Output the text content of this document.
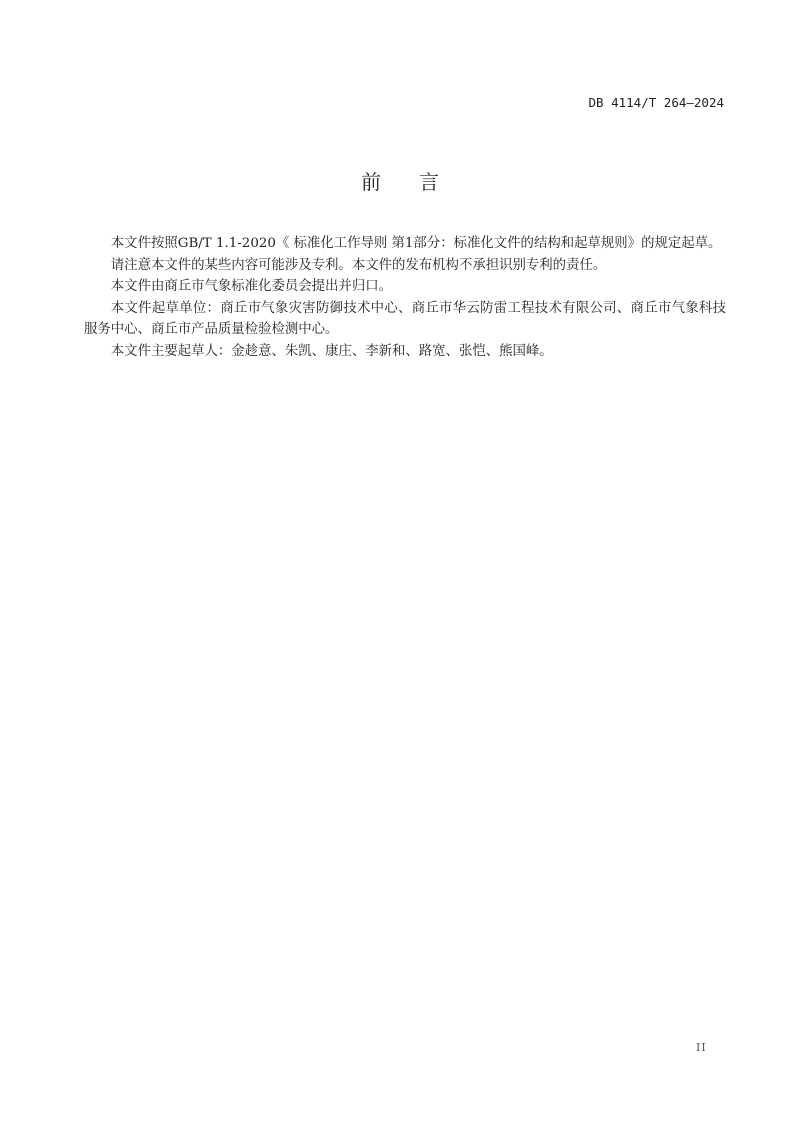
DB 4114/T 264—2024
前 言

本文件按照GB/T 1.1-2020《 标准化工作导则 第1部分：标准化文件的结构和起草规则》的规定起草。

请注意本文件的某些内容可能涉及专利。本文件的发布机构不承担识别专利的责任。

本文件由商丘市气象标准化委员会提出并归口。

本文件起草单位：商丘市气象灾害防御技术中心、商丘市华云防雷工程技术有限公司、商丘市气象科技服务中心、商丘市产品质量检验检测中心。

本文件主要起草人：金趁意、朱凯、康庄、李新和、路宽、张恺、熊国峰。

II
